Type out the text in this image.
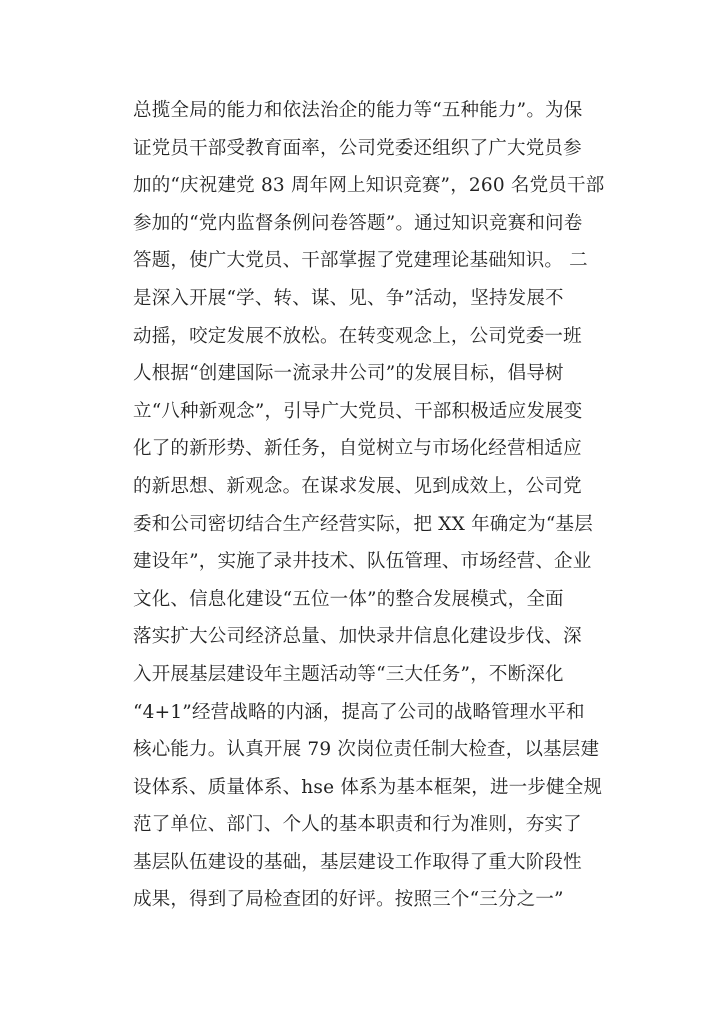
总揽全局的能力和依法治企的能力等“五种能力”。为保
证党员干部受教育面率，公司党委还组织了广大党员参
加的“庆祝建党 83 周年网上知识竞赛”，260 名党员干部
参加的“党内监督条例问卷答题”。通过知识竞赛和问卷
答题，使广大党员、干部掌握了党建理论基础知识。 二
是深入开展“学、转、谋、见、争”活动，坚持发展不
动摇，咬定发展不放松。在转变观念上，公司党委一班
人根据“创建国际一流录井公司”的发展目标，倡导树
立“八种新观念”，引导广大党员、干部积极适应发展变
化了的新形势、新任务，自觉树立与市场化经营相适应
的新思想、新观念。在谋求发展、见到成效上，公司党
委和公司密切结合生产经营实际，把 XX 年确定为“基层
建设年”，实施了录井技术、队伍管理、市场经营、企业
文化、信息化建设“五位一体”的整合发展模式，全面
落实扩大公司经济总量、加快录井信息化建设步伐、深
入开展基层建设年主题活动等“三大任务”，不断深化
“4+1”经营战略的内涵，提高了公司的战略管理水平和
核心能力。认真开展 79 次岗位责任制大检查，以基层建
设体系、质量体系、hse 体系为基本框架，进一步健全规
范了单位、部门、个人的基本职责和行为准则，夯实了
基层队伍建设的基础，基层建设工作取得了重大阶段性
成果，得到了局检查团的好评。按照三个“三分之一”
